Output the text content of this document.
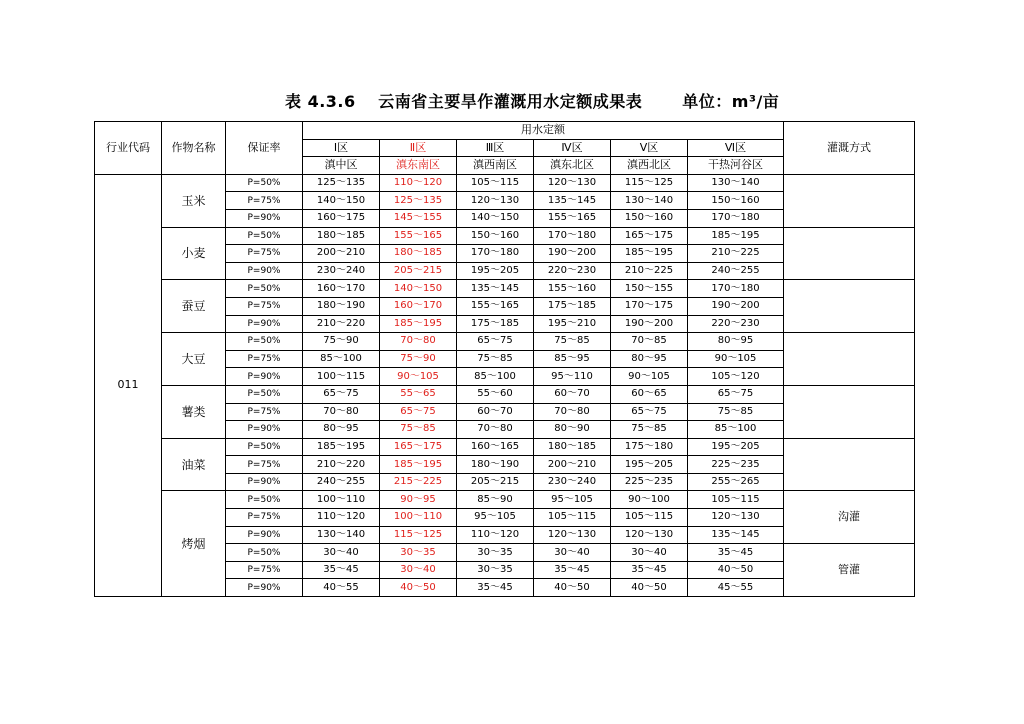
表 4.3.6　 云南省主要旱作灌溉用水定额成果表	单位：m³/亩
行业代码	作物名称	保证率	用水定额						灌溉方式
			Ⅰ区	Ⅱ区	Ⅲ区	Ⅳ区	Ⅴ区	Ⅵ区	
			滇中区	滇东南区	滇西南区	滇东北区	滇西北区	干热河谷区	
011	玉米	P=50%	125～135	110～120	105～115	120～130	115～125	130～140	
		P=75%	140～150	125～135	120～130	135～145	130～140	150～160	
		P=90%	160～175	145～155	140～150	155～165	150～160	170～180	
	小麦	P=50%	180～185	155～165	150～160	170～180	165～175	185～195	
		P=75%	200～210	180～185	170～180	190～200	185～195	210～225	
		P=90%	230～240	205～215	195～205	220～230	210～225	240～255	
	蚕豆	P=50%	160～170	140～150	135～145	155～160	150～155	170～180	
		P=75%	180～190	160～170	155～165	175～185	170～175	190～200	
		P=90%	210～220	185～195	175～185	195～210	190～200	220～230	
	大豆	P=50%	75～90	70～80	65～75	75～85	70～85	80～95	
		P=75%	85～100	75～90	75～85	85～95	80～95	90～105	
		P=90%	100～115	90～105	85～100	95～110	90～105	105～120	
	薯类	P=50%	65～75	55～65	55～60	60～70	60～65	65～75	
		P=75%	70～80	65～75	60～70	70～80	65～75	75～85	
		P=90%	80～95	75～85	70～80	80～90	75～85	85～100	
	油菜	P=50%	185～195	165～175	160～165	180～185	175～180	195～205	
		P=75%	210～220	185～195	180～190	200～210	195～205	225～235	
		P=90%	240～255	215～225	205～215	230～240	225～235	255～265	
	烤烟	P=50%	100～110	90～95	85～90	95～105	90～100	105～115	沟灌
		P=75%	110～120	100～110	95～105	105～115	105～115	120～130	
		P=90%	130～140	115～125	110～120	120～130	120～130	135～145	
		P=50%	30～40	30～35	30～35	30～40	30～40	35～45	管灌
		P=75%	35～45	30～40	30～35	35～45	35～45	40～50	
		P=90%	40～55	40～50	35～45	40～50	40～50	45～55	
